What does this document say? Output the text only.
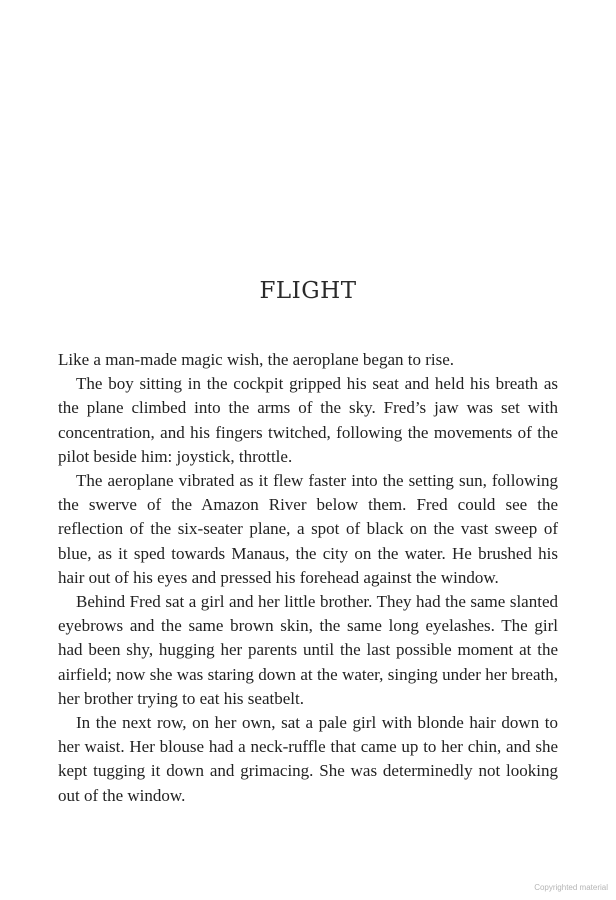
FLIGHT

Like a man-made magic wish, the aeroplane began to rise.

The boy sitting in the cockpit gripped his seat and held his breath as the plane climbed into the arms of the sky. Fred’s jaw was set with concentration, and his fingers twitched, following the movements of the pilot beside him: joystick, throttle.

The aeroplane vibrated as it flew faster into the setting sun, following the swerve of the Amazon River below them. Fred could see the reflection of the six-seater plane, a spot of black on the vast sweep of blue, as it sped towards Manaus, the city on the water. He brushed his hair out of his eyes and pressed his forehead against the window.

Behind Fred sat a girl and her little brother. They had the same slanted eyebrows and the same brown skin, the same long eyelashes. The girl had been shy, hugging her parents until the last possible moment at the airfield; now she was staring down at the water, singing under her breath, her brother trying to eat his seatbelt.

In the next row, on her own, sat a pale girl with blonde hair down to her waist. Her blouse had a neck-ruffle that came up to her chin, and she kept tugging it down and grimacing. She was determinedly not looking out of the window.

Copyrighted material
